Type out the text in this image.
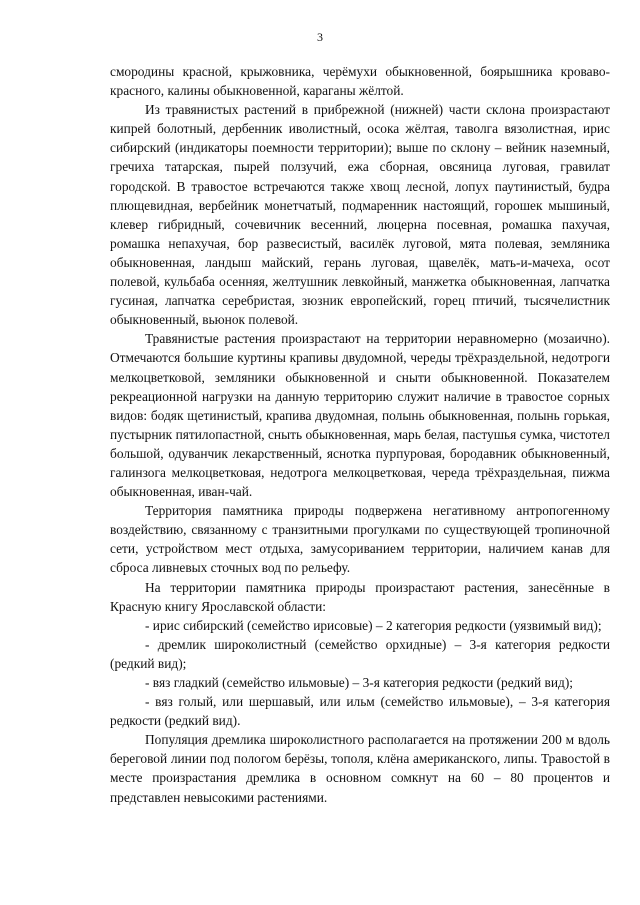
3

смородины красной, крыжовника, черёмухи обыкновенной, боярышника кроваво-красного, калины обыкновенной, караганы жёлтой.

Из травянистых растений в прибрежной (нижней) части склона произрастают кипрей болотный, дербенник иволистный, осока жёлтая, таволга вязолистная, ирис сибирский (индикаторы поемности территории); выше по склону – вейник наземный, гречиха татарская, пырей ползучий, ежа сборная, овсяница луговая, гравилат городской. В травостое встречаются также хвощ лесной, лопух паутинистый, будра плющевидная, вербейник монетчатый, подмаренник настоящий, горошек мышиный, клевер гибридный, сочевичник весенний, люцерна посевная, ромашка пахучая, ромашка непахучая, бор развесистый, василёк луговой, мята полевая, земляника обыкновенная, ландыш майский, герань луговая, щавелёк, мать-и-мачеха, осот полевой, кульбаба осенняя, желтушник левкойный, манжетка обыкновенная, лапчатка гусиная, лапчатка серебристая, зюзник европейский, горец птичий, тысячелистник обыкновенный, вьюнок полевой.

Травянистые растения произрастают на территории неравномерно (мозаично). Отмечаются большие куртины крапивы двудомной, череды трёхраздельной, недотроги мелкоцветковой, земляники обыкновенной и сныти обыкновенной. Показателем рекреационной нагрузки на данную территорию служит наличие в травостое сорных видов: бодяк щетинистый, крапива двудомная, полынь обыкновенная, полынь горькая, пустырник пятилопастной, сныть обыкновенная, марь белая, пастушья сумка, чистотел большой, одуванчик лекарственный, ясноткa пурпуровая, бородавник обыкновенный, галинзога мелкоцветковая, недотрога мелкоцветковая, череда трёхраздельная, пижма обыкновенная, иван-чай.

Территория памятника природы подвержена негативному антропогенному воздействию, связанному с транзитными прогулками по существующей тропиночной сети, устройством мест отдыха, замусориванием территории, наличием канав для сброса ливневых сточных вод по рельефу.

На территории памятника природы произрастают растения, занесённые в Красную книгу Ярославской области:

- ирис сибирский (семейство ирисовые) – 2 категория редкости (уязвимый вид);

- дремлик широколистный (семейство орхидные) – 3-я категория редкости (редкий вид);

- вяз гладкий (семейство ильмовые) – 3-я категория редкости (редкий вид);

- вяз голый, или шершавый, или ильм (семейство ильмовые), – 3-я категория редкости (редкий вид).

Популяция дремлика широколистного располагается на протяжении 200 м вдоль береговой линии под пологом берёзы, тополя, клёна американского, липы. Травостой в месте произрастания дремлика в основном сомкнут на 60 – 80 процентов и представлен невысокими растениями.
